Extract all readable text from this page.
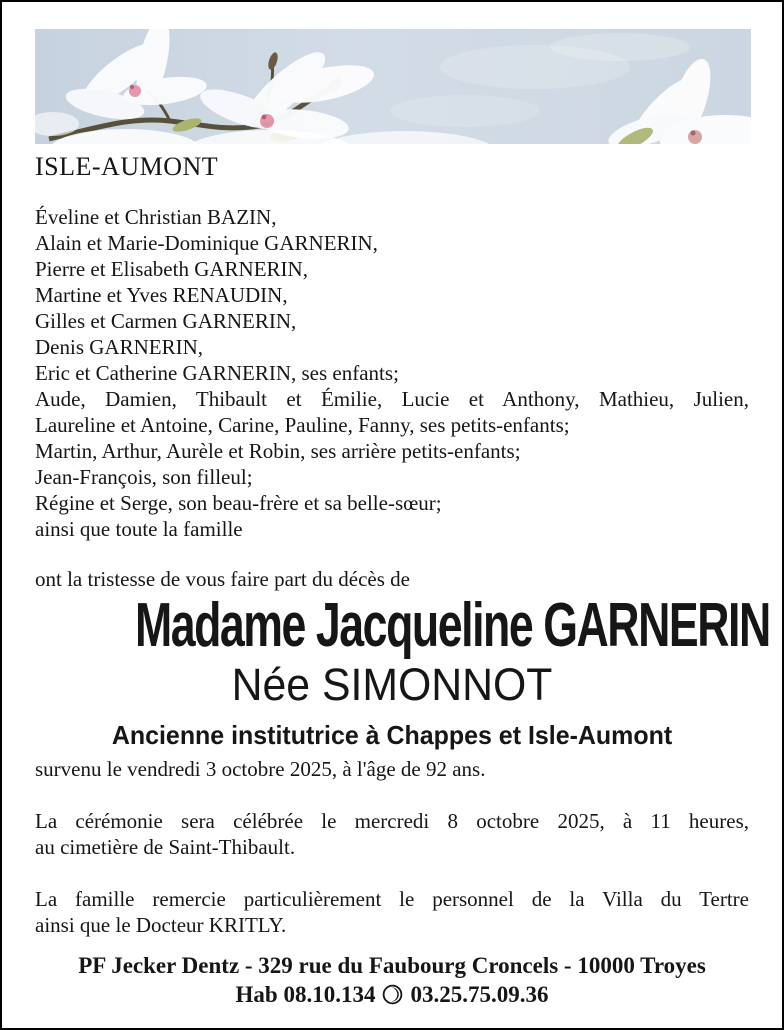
ISLE-AUMONT
Éveline et Christian BAZIN,
Alain et Marie-Dominique GARNERIN,
Pierre et Elisabeth GARNERIN,
Martine et Yves RENAUDIN,
Gilles et Carmen GARNERIN,
Denis GARNERIN,
Eric et Catherine GARNERIN, ses enfants;
Aude, Damien, Thibault et Émilie, Lucie et Anthony, Mathieu, Julien,
Laureline et Antoine, Carine, Pauline, Fanny, ses petits-enfants;
Martin, Arthur, Aurèle et Robin, ses arrière petits-enfants;
Jean-François, son filleul;
Régine et Serge, son beau-frère et sa belle-sœur;
ainsi que toute la famille
ont la tristesse de vous faire part du décès de
Madame Jacqueline GARNERIN
Née SIMONNOT
Ancienne institutrice à Chappes et Isle-Aumont
survenu le vendredi 3 octobre 2025, à l'âge de 92 ans.
La cérémonie sera célébrée le mercredi 8 octobre 2025, à 11 heures,
au cimetière de Saint-Thibault.
La famille remercie particulièrement le personnel de la Villa du Tertre
ainsi que le Docteur KRITLY.
PF Jecker Dentz - 329 rue du Faubourg Croncels - 10000 Troyes
Hab 08.10.134 03.25.75.09.36
